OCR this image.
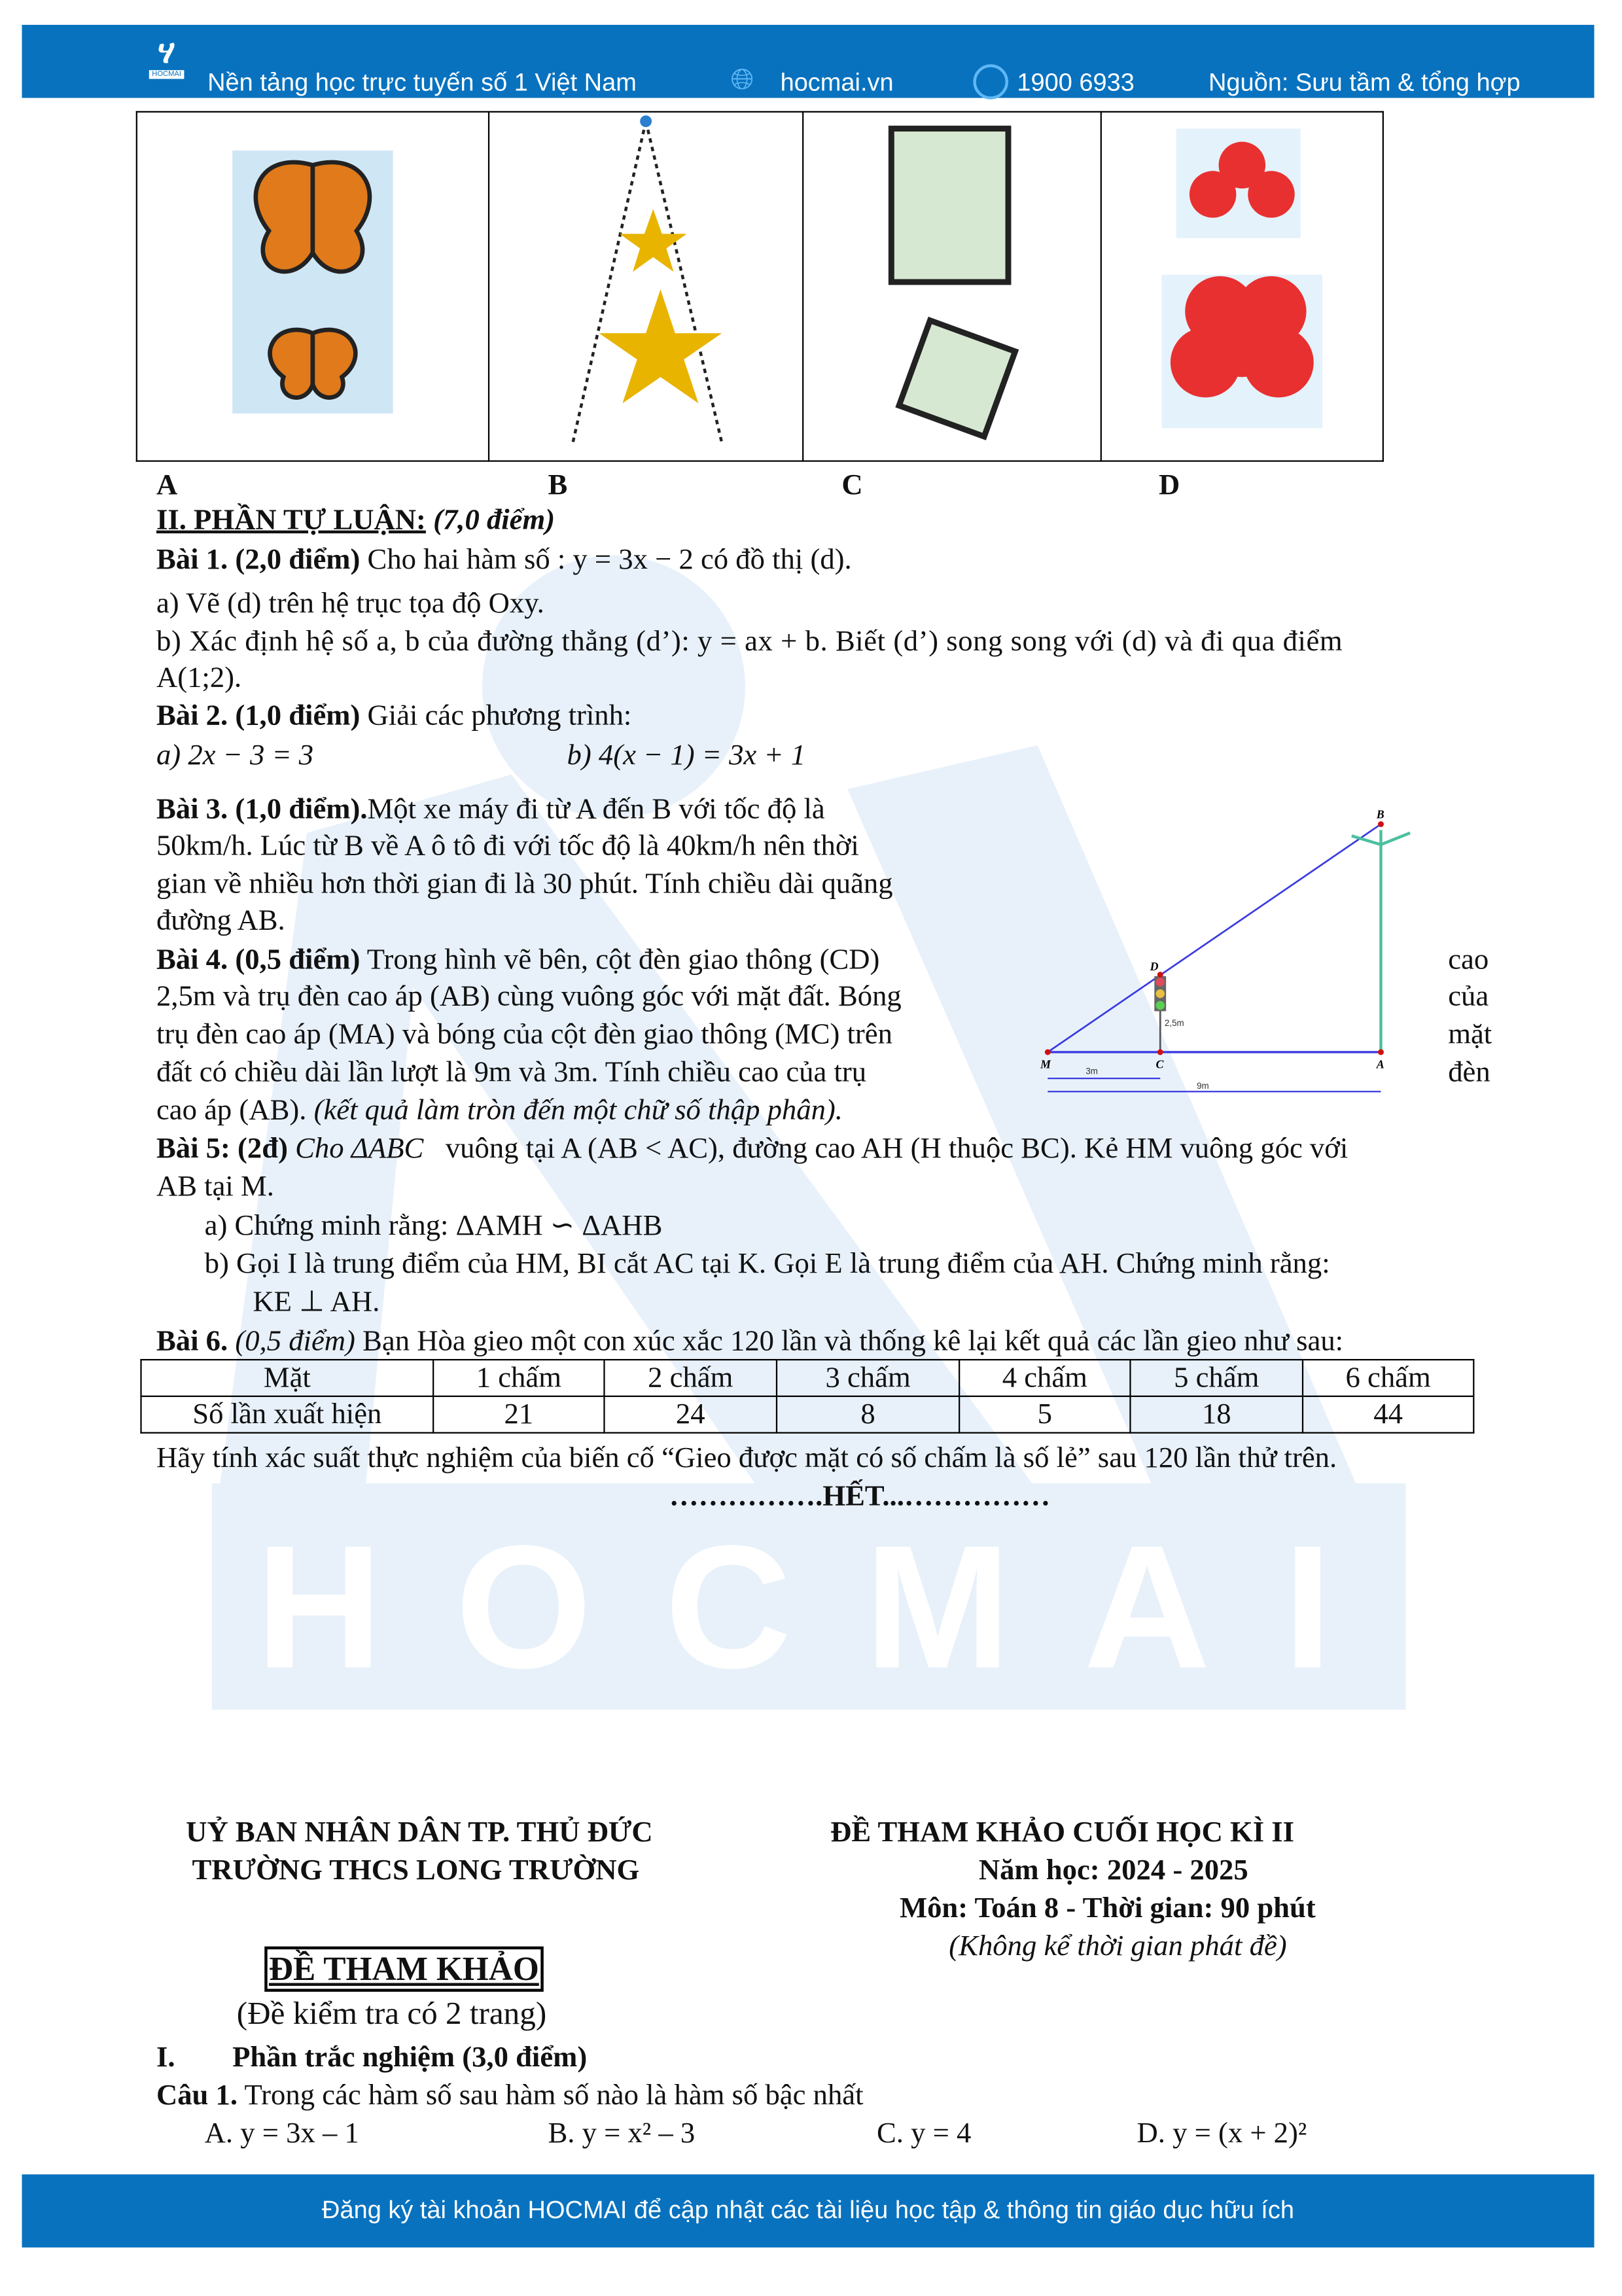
HOCMAI
ሃ
HOCMAI	Nền tảng học trực tuyến số 1 Việt Nam	🌐︎ hocmai.vn	1900 6933	Nguồn: Sưu tầm & tổng hợp

A	B	C	D
II. PHẦN TỰ LUẬN: (7,0 điểm)
Bài 1. (2,0 điểm) Cho hai hàm số : y = 3x − 2 có đồ thị (d).
a) Vẽ (d) trên hệ trục tọa độ Oxy.
b) Xác định hệ số a, b của đường thẳng (d’): y = ax + b. Biết (d’) song song với (d) và đi qua điểm
A(1;2).
Bài 2. (1,0 điểm) Giải các phương trình:
a) 2x − 3 = 3	b) 4(x − 1) = 3x + 1
Bài 3. (1,0 điểm).Một xe máy đi từ A đến B với tốc độ là
50km/h. Lúc từ B về A ô tô đi với tốc độ là 40km/h nên thời
gian về nhiều hơn thời gian đi là 30 phút. Tính chiều dài quãng
đường AB.
Bài 4. (0,5 điểm) Trong hình vẽ bên, cột đèn giao thông (CD)
2,5m và trụ đèn cao áp (AB) cùng vuông góc với mặt đất. Bóng
trụ đèn cao áp (MA) và bóng của cột đèn giao thông (MC) trên
đất có chiều dài lần lượt là 9m và 3m. Tính chiều cao của trụ
cao áp (AB). (kết quả làm tròn đến một chữ số thập phân).
cao
của
mặt
đèn
B
D
M	C	A
2,5m
3m
9m
Bài 5: (2đ) Cho ΔABC vuông tại A (AB < AC), đường cao AH (H thuộc BC). Kẻ HM vuông góc với
AB tại M.
a) Chứng minh rằng: ΔAMH ∽ ΔAHB
b) Gọi I là trung điểm của HM, BI cắt AC tại K. Gọi E là trung điểm của AH. Chứng minh rằng:
KE ⊥ AH.
Bài 6. (0,5 điểm) Bạn Hòa gieo một con xúc xắc 120 lần và thống kê lại kết quả các lần gieo như sau:
Mặt	1 chấm	2 chấm	3 chấm	4 chấm	5 chấm	6 chấm
Số lần xuất hiện	21	24	8	5	18	44
Hãy tính xác suất thực nghiệm của biến cố “Gieo được mặt có số chấm là số lẻ” sau 120 lần thử trên.
…………….HẾT...……………
UỶ BAN NHÂN DÂN TP. THỦ ĐỨC
TRƯỜNG THCS LONG TRƯỜNG
ĐỀ THAM KHẢO CUỐI HỌC KÌ II
Năm học: 2024 - 2025
Môn: Toán 8 - Thời gian: 90 phút
(Không kể thời gian phát đề)
ĐỀ THAM KHẢO
(Đề kiểm tra có 2 trang)
I.	Phần trắc nghiệm (3,0 điểm)
Câu 1. Trong các hàm số sau hàm số nào là hàm số bậc nhất
A. y = 3x – 1	B. y = x² – 3	C. y = 4	D. y = (x + 2)²
Đăng ký tài khoản HOCMAI để cập nhật các tài liệu học tập & thông tin giáo dục hữu ích
